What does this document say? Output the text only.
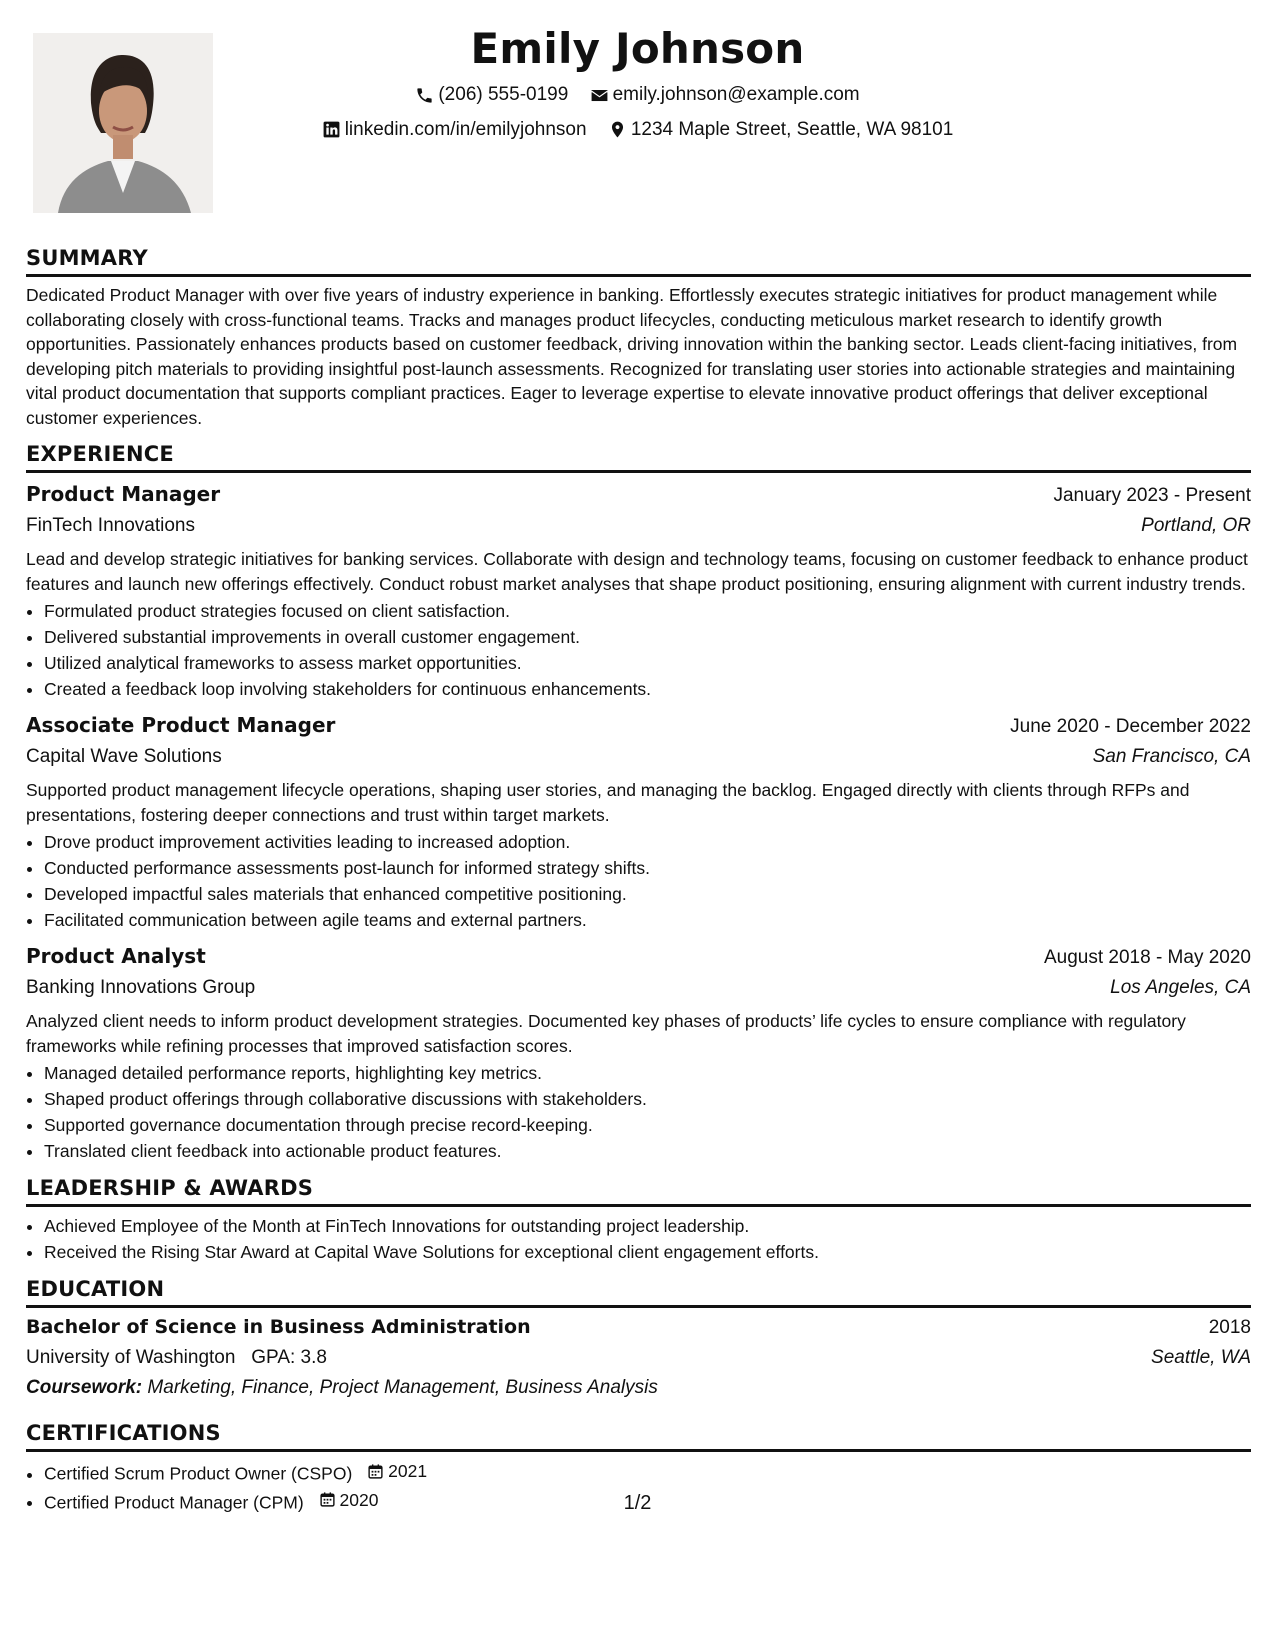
Emily Johnson
(206) 555-0199
emily.johnson@example.com
linkedin.com/in/emilyjohnson
1234 Maple Street, Seattle, WA 98101
SUMMARY

Dedicated Product Manager with over five years of industry experience in banking. Effortlessly executes strategic initiatives for product management while collaborating closely with cross-functional teams. Tracks and manages product lifecycles, conducting meticulous market research to identify growth opportunities. Passionately enhances products based on customer feedback, driving innovation within the banking sector. Leads client-facing initiatives, from developing pitch materials to providing insightful post-launch assessments. Recognized for translating user stories into actionable strategies and maintaining vital product documentation that supports compliant practices. Eager to leverage expertise to elevate innovative product offerings that deliver exceptional customer experiences.

EXPERIENCE
Product Manager	January 2023 - Present
FinTech Innovations	Portland, OR

Lead and develop strategic initiatives for banking services. Collaborate with design and technology teams, focusing on customer feedback to enhance product features and launch new offerings effectively. Conduct robust market analyses that shape product positioning, ensuring alignment with current industry trends.

• Formulated product strategies focused on client satisfaction.
• Delivered substantial improvements in overall customer engagement.
• Utilized analytical frameworks to assess market opportunities.
• Created a feedback loop involving stakeholders for continuous enhancements.
Associate Product Manager	June 2020 - December 2022
Capital Wave Solutions	San Francisco, CA

Supported product management lifecycle operations, shaping user stories, and managing the backlog. Engaged directly with clients through RFPs and presentations, fostering deeper connections and trust within target markets.

• Drove product improvement activities leading to increased adoption.
• Conducted performance assessments post-launch for informed strategy shifts.
• Developed impactful sales materials that enhanced competitive positioning.
• Facilitated communication between agile teams and external partners.
Product Analyst	August 2018 - May 2020
Banking Innovations Group	Los Angeles, CA

Analyzed client needs to inform product development strategies. Documented key phases of products’ life cycles to ensure compliance with regulatory frameworks while refining processes that improved satisfaction scores.

• Managed detailed performance reports, highlighting key metrics.
• Shaped product offerings through collaborative discussions with stakeholders.
• Supported governance documentation through precise record-keeping.
• Translated client feedback into actionable product features.
LEADERSHIP & AWARDS
• Achieved Employee of the Month at FinTech Innovations for outstanding project leadership.
• Received the Rising Star Award at Capital Wave Solutions for exceptional client engagement efforts.
EDUCATION
Bachelor of Science in Business Administration	2018
University of Washington GPA: 3.8	Seattle, WA
Coursework: Marketing, Finance, Project Management, Business Analysis
CERTIFICATIONS
• Certified Scrum Product Owner (CSPO) 2021
• Certified Product Manager (CPM) 2020	1/2
